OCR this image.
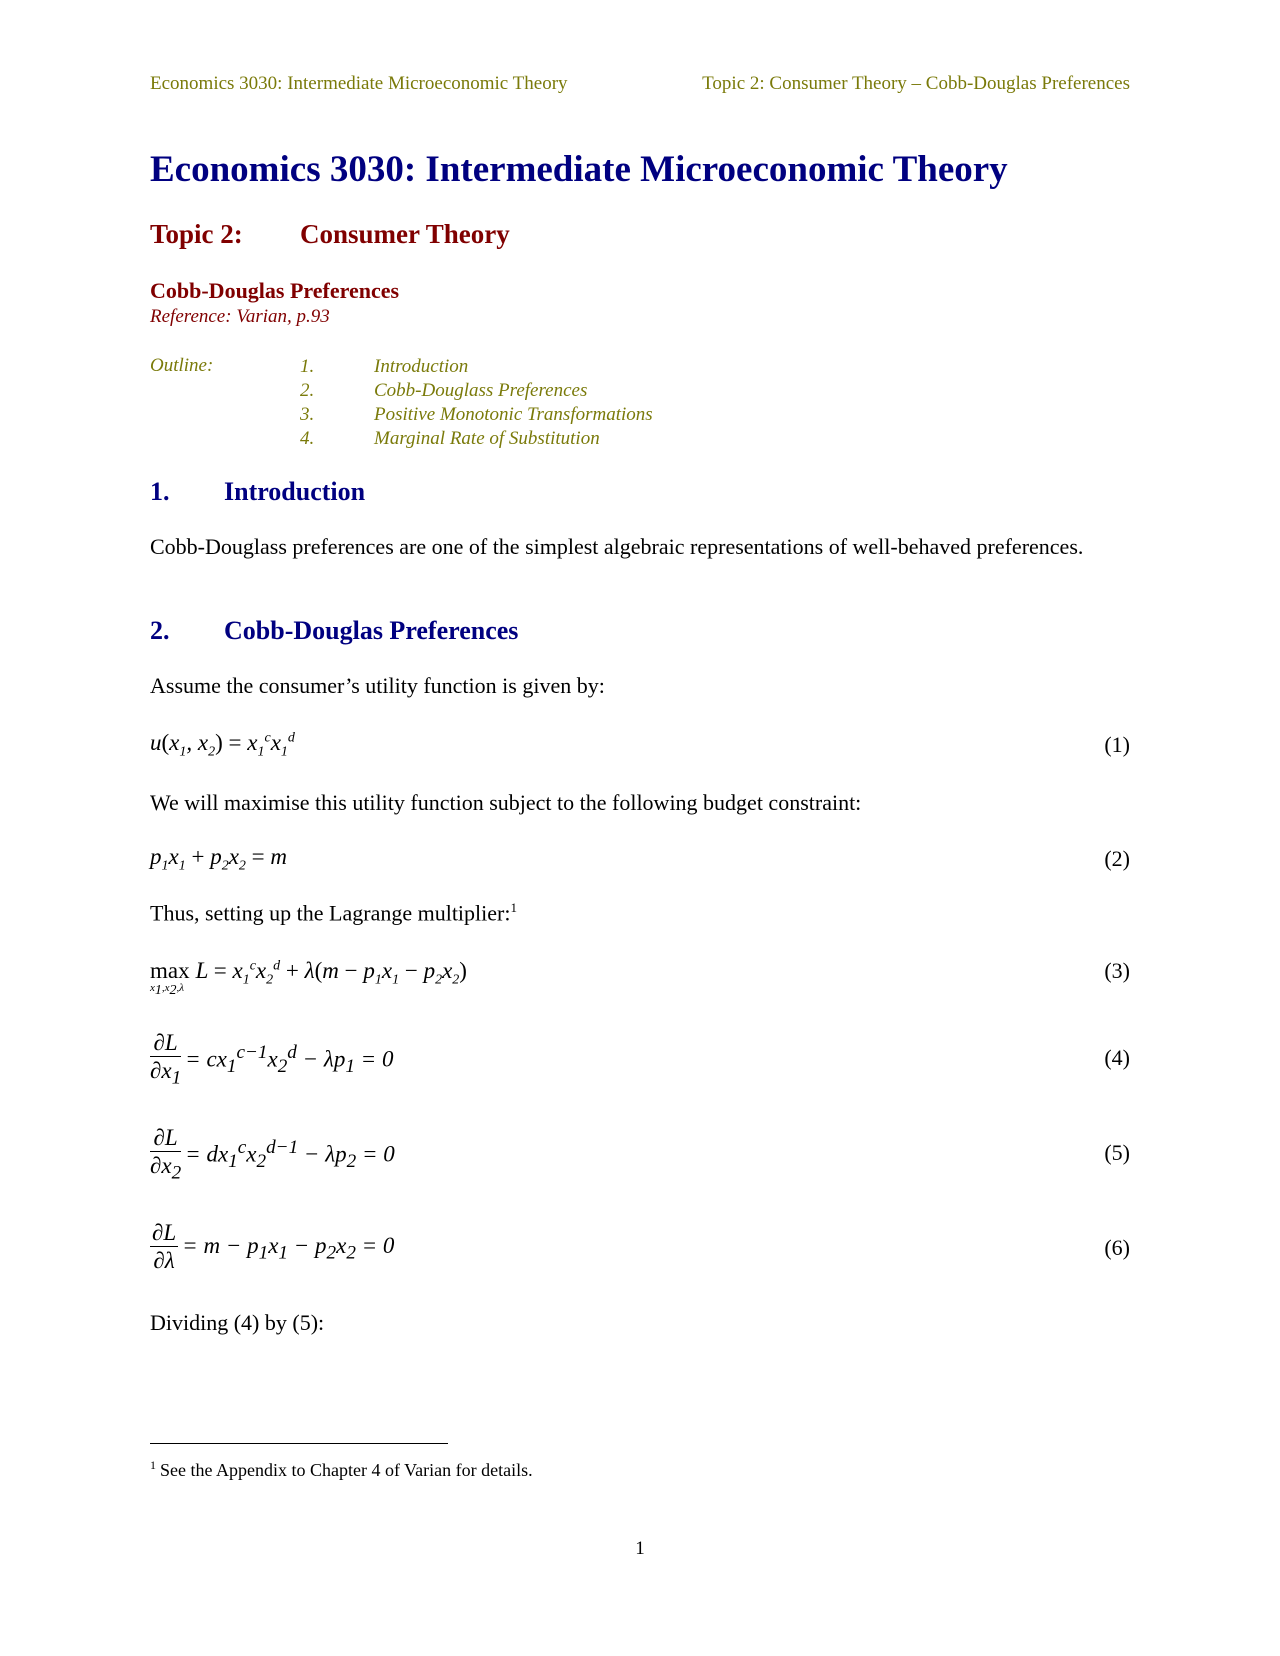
Economics 3030: Intermediate Microeconomic Theory	Topic 2: Consumer Theory – Cobb-Douglas Preferences
Economics 3030: Intermediate Microeconomic Theory
Topic 2: Consumer Theory
Cobb-Douglas Preferences
Reference: Varian, p.93
Outline:	1.	Introduction
2.	Cobb-Douglass Preferences
3.	Positive Monotonic Transformations
4.	Marginal Rate of Substitution
1. Introduction
Cobb-Douglass preferences are one of the simplest algebraic representations of well-behaved preferences.
2. Cobb-Douglas Preferences
Assume the consumer’s utility function is given by:
$u(x_1$, $x_2) = x_1^cx_1^d$	(1)
We will maximise this utility function subject to the following budget constraint:
$p_1x_1 + p_2x_2 = m$	(2)
Thus, setting up the Lagrange multiplier:$^1$
max
$x_1,x_2,\lambda$
$L = x_1^cx_2^d + \lambda(m - p_1x_1 - p_2x_2)$	(3)
$\frac{\partial L}{\partial x_1} = cx_1^{c-1}x_2^d - \lambda p_1 = 0$	(4)
$\frac{\partial L}{\partial x_2} = dx_1^cx_2^{d-1} - \lambda p_2 = 0$	(5)
$\frac{\partial L}{\partial\lambda} = m - p_1x_1 - p_2x_2 = 0$	(6)
Dividing (4) by (5):
$^1$ See the Appendix to Chapter 4 of Varian for details.
1
